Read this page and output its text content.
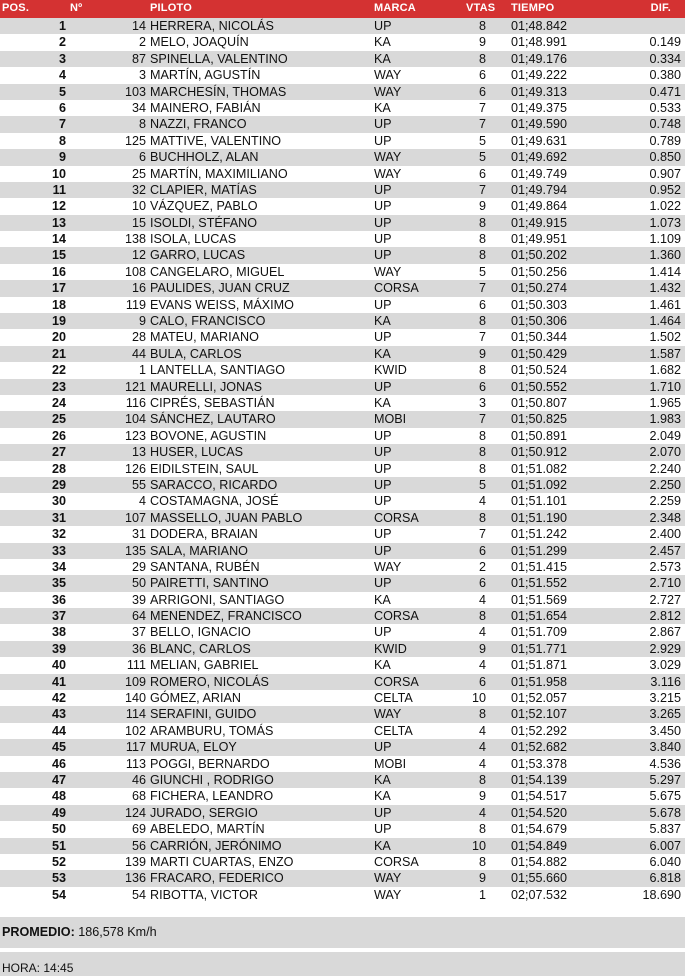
POS.	Nº	PILOTO	MARCA	VTAS TIEMPO	DIF.
1	14 HERRERA, NICOLÁS	UP	8 01;48.842
2	2 MELO, JOAQUÍN	KA	9 01;48.991	0.149
3	87 SPINELLA, VALENTINO	KA	8 01;49.176	0.334
4	3 MARTÍN, AGUSTÍN	WAY	6 01;49.222	0.380
5	103 MARCHESÍN, THOMAS	WAY	6 01;49.313	0.471
6	34 MAINERO, FABIÁN	KA	7 01;49.375	0.533
7	8 NAZZI, FRANCO	UP	7 01;49.590	0.748
8	125 MATTIVE, VALENTINO	UP	5 01;49.631	0.789
9	6 BUCHHOLZ, ALAN	WAY	5 01;49.692	0.850
10	25 MARTÍN, MAXIMILIANO	WAY	6 01;49.749	0.907
11	32 CLAPIER, MATÍAS	UP	7 01;49.794	0.952
12	10 VÁZQUEZ, PABLO	UP	9 01;49.864	1.022
13	15 ISOLDI, STÉFANO	UP	8 01;49.915	1.073
14	138 ISOLA, LUCAS	UP	8 01;49.951	1.109
15	12 GARRO, LUCAS	UP	8 01;50.202	1.360
16	108 CANGELARO, MIGUEL	WAY	5 01;50.256	1.414
17	16 PAULIDES, JUAN CRUZ	CORSA	7 01;50.274	1.432
18	119 EVANS WEISS, MÁXIMO	UP	6 01;50.303	1.461
19	9 CALO, FRANCISCO	KA	8 01;50.306	1.464
20	28 MATEU, MARIANO	UP	7 01;50.344	1.502
21	44 BULA, CARLOS	KA	9 01;50.429	1.587
22	1 LANTELLA, SANTIAGO	KWID	8 01;50.524	1.682
23	121 MAURELLI, JONAS	UP	6 01;50.552	1.710
24	116 CIPRÉS, SEBASTIÁN	KA	3 01;50.807	1.965
25	104 SÁNCHEZ, LAUTARO	MOBI	7 01;50.825	1.983
26	123 BOVONE, AGUSTIN	UP	8 01;50.891	2.049
27	13 HUSER, LUCAS	UP	8 01;50.912	2.070
28	126 EIDILSTEIN, SAUL	UP	8 01;51.082	2.240
29	55 SARACCO, RICARDO	UP	5 01;51.092	2.250
30	4 COSTAMAGNA, JOSÉ	UP	4 01;51.101	2.259
31	107 MASSELLO, JUAN PABLO	CORSA	8 01;51.190	2.348
32	31 DODERA, BRAIAN	UP	7 01;51.242	2.400
33	135 SALA, MARIANO	UP	6 01;51.299	2.457
34	29 SANTANA, RUBÉN	WAY	2 01;51.415	2.573
35	50 PAIRETTI, SANTINO	UP	6 01;51.552	2.710
36	39 ARRIGONI, SANTIAGO	KA	4 01;51.569	2.727
37	64 MENENDEZ, FRANCISCO	CORSA	8 01;51.654	2.812
38	37 BELLO, IGNACIO	UP	4 01;51.709	2.867
39	36 BLANC, CARLOS	KWID	9 01;51.771	2.929
40	111 MELIAN, GABRIEL	KA	4 01;51.871	3.029
41	109 ROMERO, NICOLÁS	CORSA	6 01;51.958	3.116
42	140 GÓMEZ, ARIAN	CELTA	10 01;52.057	3.215
43	114 SERAFINI, GUIDO	WAY	8 01;52.107	3.265
44	102 ARAMBURU, TOMÁS	CELTA	4 01;52.292	3.450
45	117 MURUA, ELOY	UP	4 01;52.682	3.840
46	113 POGGI, BERNARDO	MOBI	4 01;53.378	4.536
47	46 GIUNCHI , RODRIGO	KA	8 01;54.139	5.297
48	68 FICHERA, LEANDRO	KA	9 01;54.517	5.675
49	124 JURADO, SERGIO	UP	4 01;54.520	5.678
50	69 ABELEDO, MARTÍN	UP	8 01;54.679	5.837
51	56 CARRIÓN, JERÓNIMO	KA	10 01;54.849	6.007
52	139 MARTI CUARTAS, ENZO	CORSA	8 01;54.882	6.040
53	136 FRACARO, FEDERICO	WAY	9 01;55.660	6.818
54	54 RIBOTTA, VICTOR	WAY	1 02;07.532	18.690
PROMEDIO: 186,578 Km/h
HORA: 14:45
